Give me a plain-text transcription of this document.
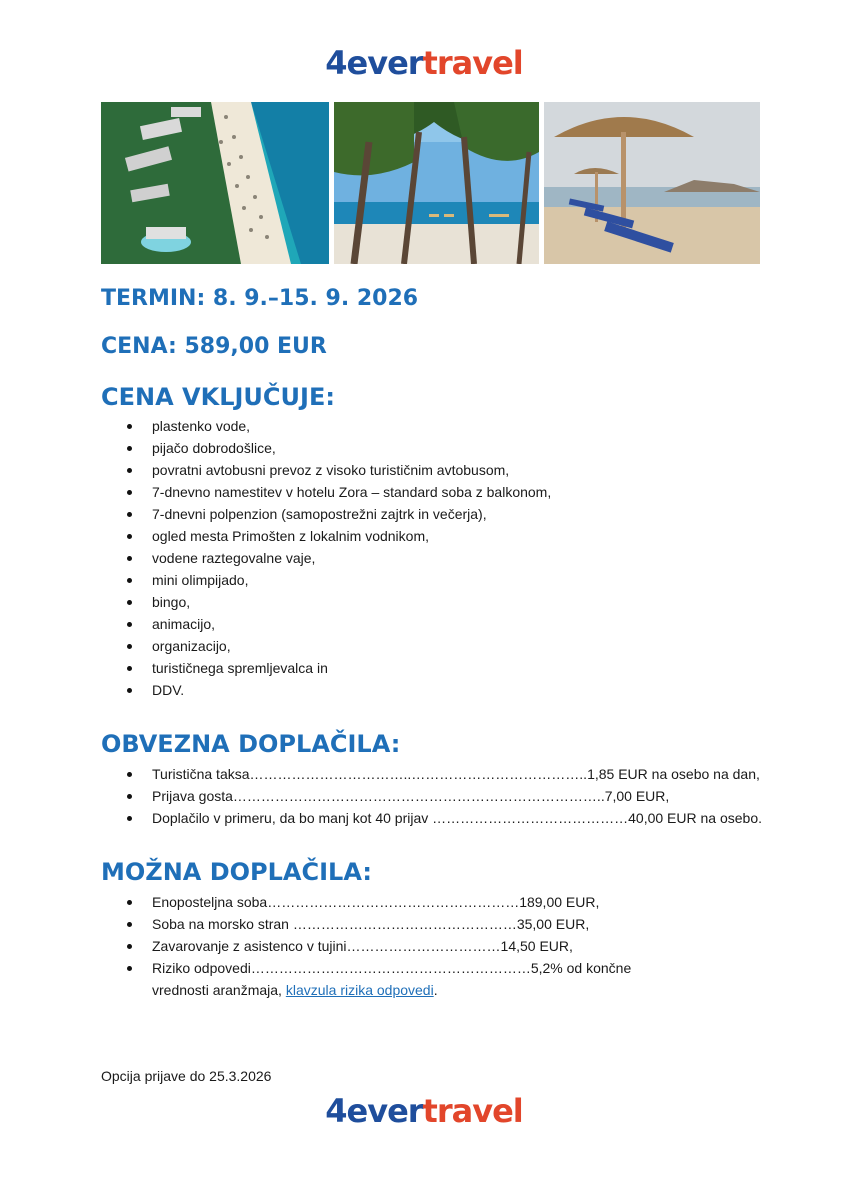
4evertravel
TERMIN: 8. 9.–15. 9. 2026
CENA: 589,00 EUR
CENA VKLJUČUJE:
plastenko vode,
pijačo dobrodošlice,
povratni avtobusni prevoz z visoko turističnim avtobusom,
7-dnevno namestitev v hotelu Zora – standard soba z balkonom,
7-dnevni polpenzion (samopostrežni zajtrk in večerja),
ogled mesta Primošten z lokalnim vodnikom,
vodene raztegovalne vaje,
mini olimpijado,
bingo,
animacijo,
organizacijo,
turističnega spremljevalca in
DDV.
OBVEZNA DOPLAČILA:
Turistična taksa……………………………..………………………………..1,85 EUR na osebo na dan,
Prijava gosta……………………………………………………………………..7,00 EUR,
Doplačilo v primeru, da bo manj kot 40 prijav ……………………………………40,00 EUR na osebo.
MOŽNA DOPLAČILA:
Enoposteljna soba………………………………………………189,00 EUR,
Soba na morsko stran …………………………………………35,00 EUR,
Zavarovanje z asistenco v tujini……………………………14,50 EUR,
Riziko odpovedi……………………………………………………5,2% od končne vrednosti aranžmaja, klavzula rizika odpovedi.
Opcija prijave do 25.3.2026
4evertravel
